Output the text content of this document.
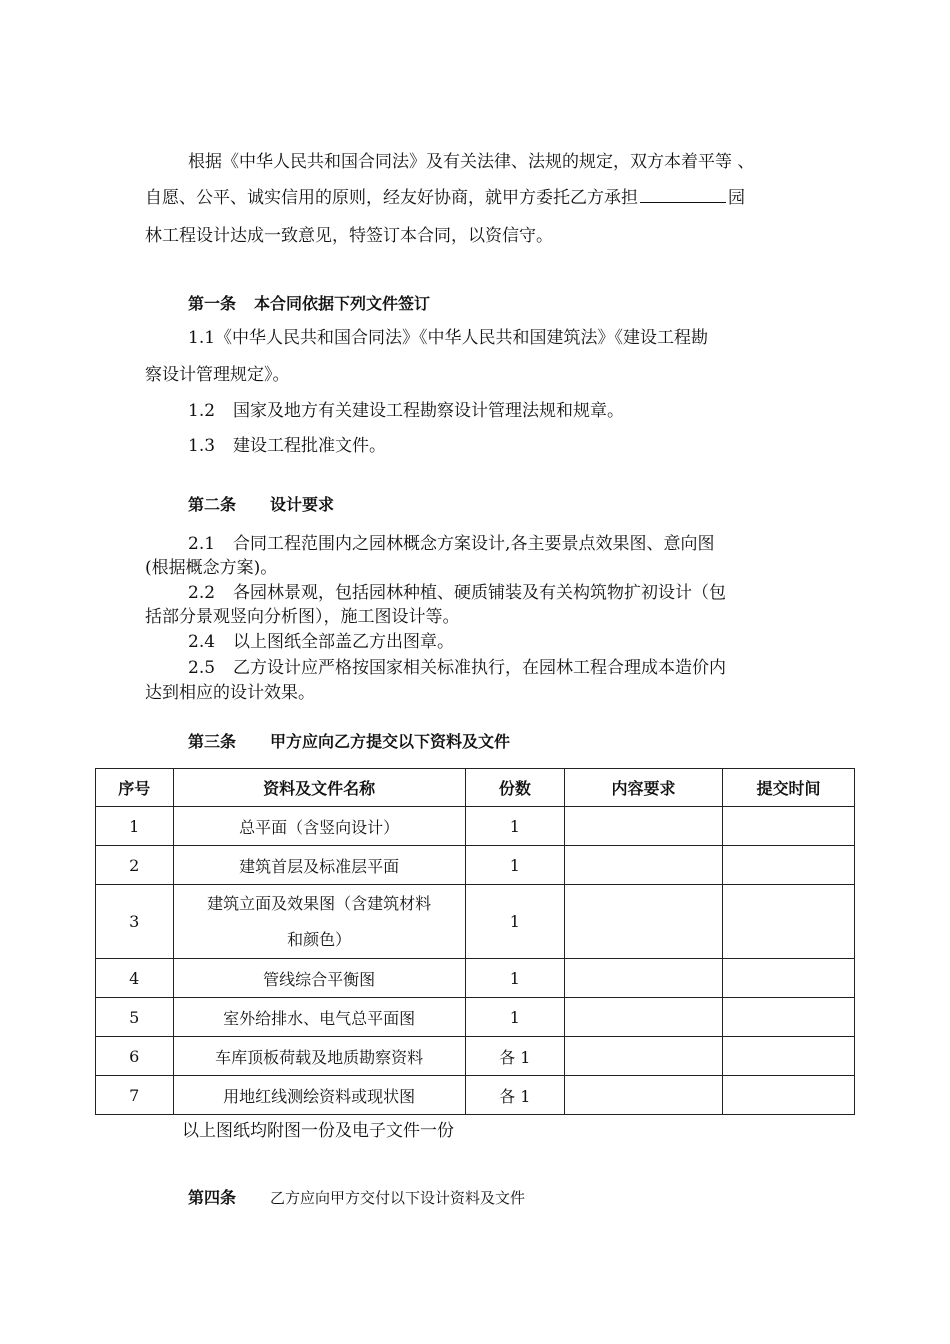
根据《中华人民共和国合同法》及有关法律、法规的规定，双方本着平等 、
自愿、公平、诚实信用的原则，经友好协商，就甲方委托乙方承担	园
林工程设计达成一致意见，特签订本合同，以资信守。
第一条 本合同依据下列文件签订
1.1《中华人民共和国合同法》《中华人民共和国建筑法》《建设工程勘
察设计管理规定》。
1.2 国家及地方有关建设工程勘察设计管理法规和规章。
1.3 建设工程批准文件。
第二条 设计要求
2.1 合同工程范围内之园林概念方案设计,各主要景点效果图、意向图
(根据概念方案)。
2.2 各园林景观，包括园林种植、硬质铺装及有关构筑物扩初设计（包
括部分景观竖向分析图），施工图设计等。
2.4 以上图纸全部盖乙方出图章。
2.5 乙方设计应严格按国家相关标准执行，在园林工程合理成本造价内
达到相应的设计效果。
第三条 甲方应向乙方提交以下资料及文件
序号	资料及文件名称	份数	内容要求	提交时间
1	总平面（含竖向设计）	1		
2	建筑首层及标准层平面	1		
3	建筑立面及效果图（含建筑材料
和颜色）	1		
4	管线综合平衡图	1		
5	室外给排水、电气总平面图	1		
6	车库顶板荷载及地质勘察资料	各 1		
7	用地红线测绘资料或现状图	各 1		
以上图纸均附图一份及电子文件一份
第四条 乙方应向甲方交付以下设计资料及文件
